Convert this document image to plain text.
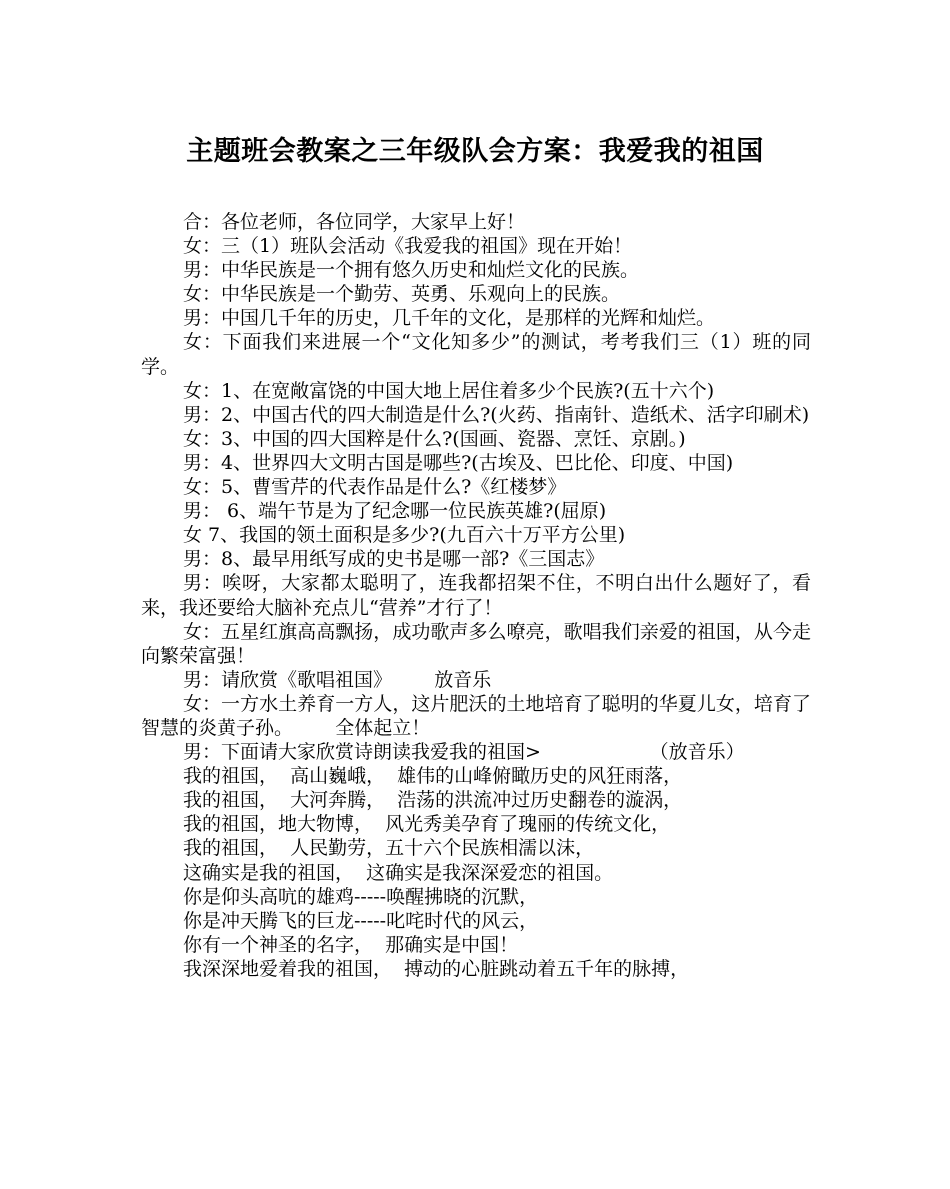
主题班会教案之三年级队会方案：我爱我的祖国

合：各位老师，各位同学，大家早上好！

女：三（1）班队会活动《我爱我的祖国》现在开始！

男：中华民族是一个拥有悠久历史和灿烂文化的民族。

女：中华民族是一个勤劳、英勇、乐观向上的民族。

男：中国几千年的历史，几千年的文化，是那样的光辉和灿烂。

女：下面我们来进展一个“文化知多少”的测试，考考我们三（1）班的同学。

女：1、在宽敞富饶的中国大地上居住着多少个民族?(五十六个)

男：2、中国古代的四大制造是什么?(火药、指南针、造纸术、活字印刷术)

女：3、中国的四大国粹是什么?(国画、瓷器、烹饪、京剧。)

男：4、世界四大文明古国是哪些?(古埃及、巴比伦、印度、中国)

女：5、曹雪芹的代表作品是什么?《红楼梦》

男： 6、端午节是为了纪念哪一位民族英雄?(屈原)

女 7、我国的领土面积是多少?(九百六十万平方公里)

男：8、最早用纸写成的史书是哪一部?《三国志》

男：唉呀，大家都太聪明了，连我都招架不住，不明白出什么题好了，看来，我还要给大脑补充点儿“营养”才行了！

女：五星红旗高高飘扬，成功歌声多么嘹亮，歌唱我们亲爱的祖国，从今走向繁荣富强！

男：请欣赏《歌唱祖国》       放音乐

女：一方水土养育一方人，这片肥沃的土地培育了聪明的华夏儿女，培育了智慧的炎黄子孙。       全体起立！

男：下面请大家欣赏诗朗读我爱我的祖国>                  （放音乐）

我的祖国，  高山巍峨，  雄伟的山峰俯瞰历史的风狂雨落，

我的祖国，  大河奔腾，  浩荡的洪流冲过历史翻卷的漩涡，

我的祖国，地大物博，  风光秀美孕育了瑰丽的传统文化，

我的祖国，  人民勤劳，五十六个民族相濡以沫，

这确实是我的祖国，  这确实是我深深爱恋的祖国。

你是仰头高吭的雄鸡-----唤醒拂晓的沉默，

你是冲天腾飞的巨龙-----叱咤时代的风云，

你有一个神圣的名字，  那确实是中国！

我深深地爱着我的祖国，  搏动的心脏跳动着五千年的脉搏，
